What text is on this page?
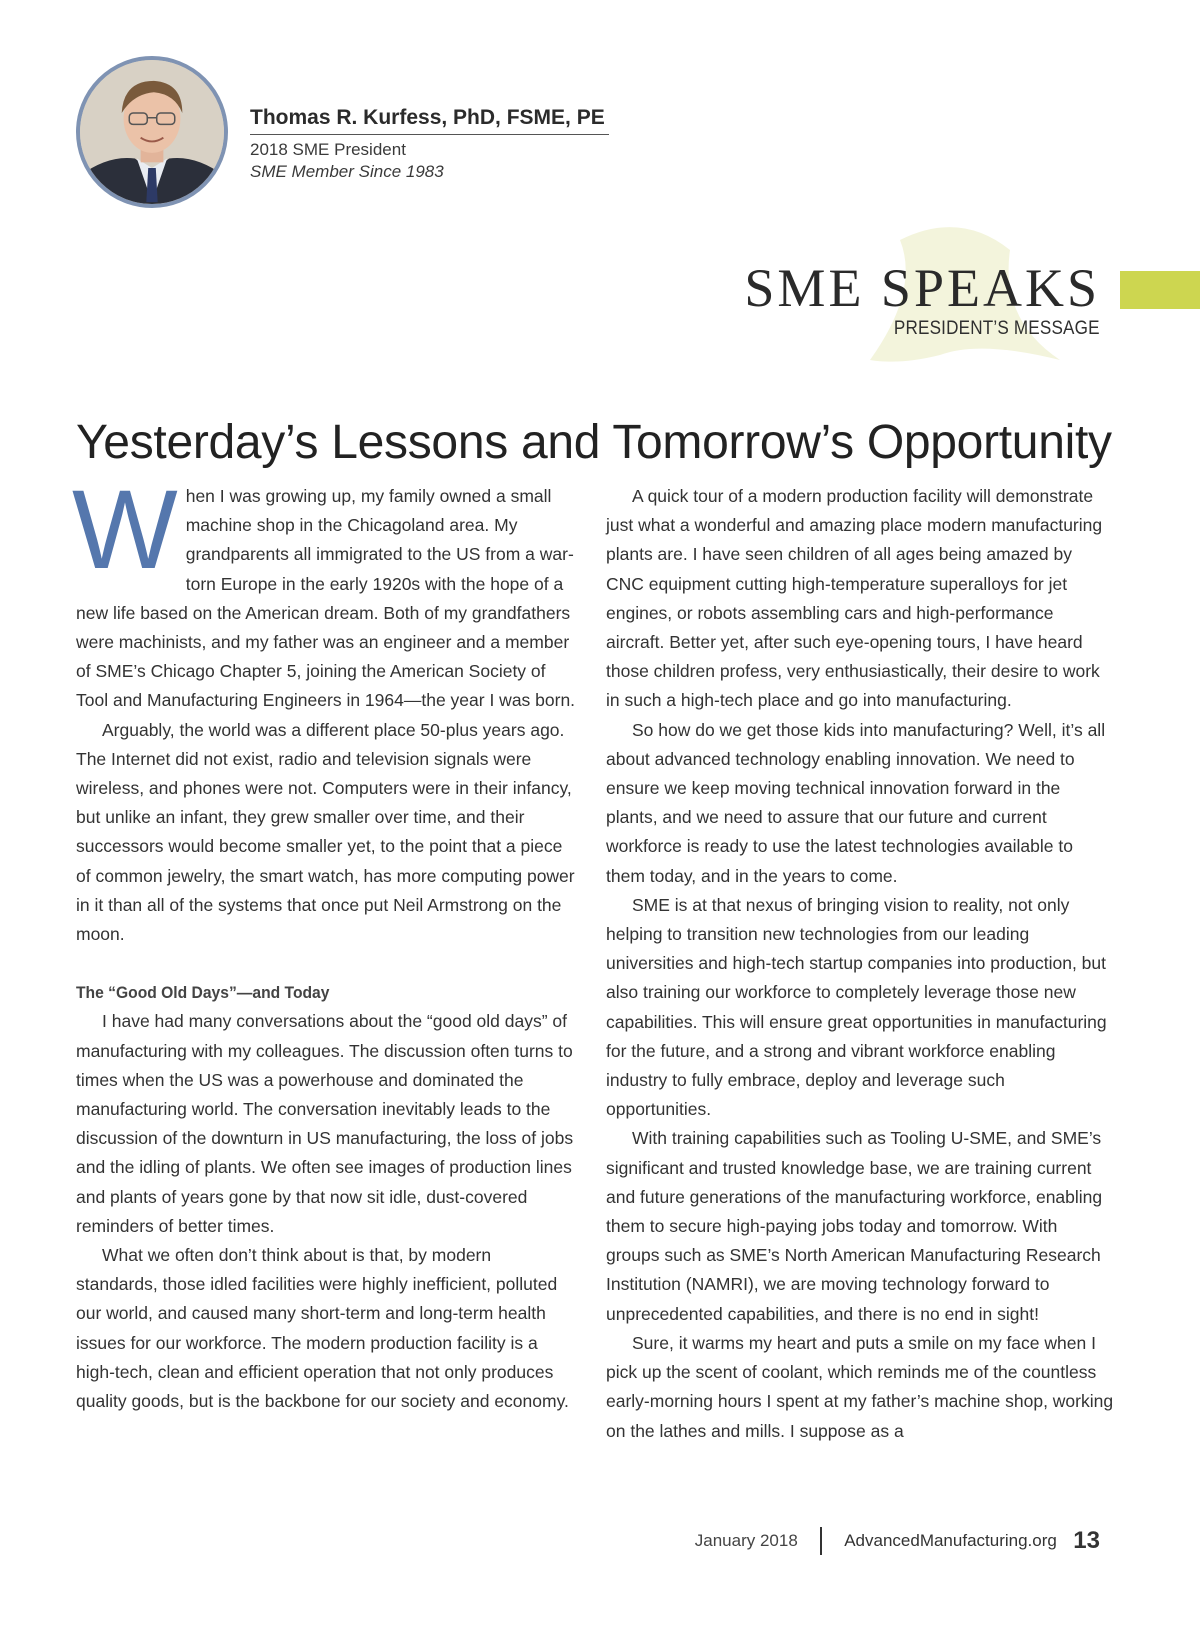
Thomas R. Kurfess, PhD, FSME, PE
2018 SME President
SME Member Since 1983
SME SPEAKS
PRESIDENT’S MESSAGE
Yesterday’s Lessons and Tomorrow’s Opportunity

When I was growing up, my family owned a small machine shop in the Chicagoland area. My grandparents all immigrated to the US from a war-torn Europe in the early 1920s with the hope of a new life based on the American dream. Both of my grandfathers were machinists, and my father was an engineer and a member of SME’s Chicago Chapter 5, joining the American Society of Tool and Manufacturing Engineers in 1964—the year I was born.

Arguably, the world was a different place 50-plus years ago. The Internet did not exist, radio and television signals were wireless, and phones were not. Computers were in their infancy, but unlike an infant, they grew smaller over time, and their successors would become smaller yet, to the point that a piece of common jewelry, the smart watch, has more computing power in it than all of the systems that once put Neil Armstrong on the moon.

The “Good Old Days”—and Today

I have had many conversations about the “good old days” of manufacturing with my colleagues. The discussion often turns to times when the US was a powerhouse and dominated the manufacturing world. The conversation inevitably leads to the discussion of the downturn in US manufacturing, the loss of jobs and the idling of plants. We often see images of production lines and plants of years gone by that now sit idle, dust-covered reminders of better times.

What we often don’t think about is that, by modern standards, those idled facilities were highly inefficient, polluted our world, and caused many short-term and long-term health issues for our workforce. The modern production facility is a high-tech, clean and efficient operation that not only produces quality goods, but is the backbone for our society and economy.

A quick tour of a modern production facility will demonstrate just what a wonderful and amazing place modern manufacturing plants are. I have seen children of all ages being amazed by CNC equipment cutting high-temperature superalloys for jet engines, or robots assembling cars and high-performance aircraft. Better yet, after such eye-opening tours, I have heard those children profess, very enthusiastically, their desire to work in such a high-tech place and go into manufacturing.

So how do we get those kids into manufacturing? Well, it’s all about advanced technology enabling innovation. We need to ensure we keep moving technical innovation forward in the plants, and we need to assure that our future and current workforce is ready to use the latest technologies available to them today, and in the years to come.

SME is at that nexus of bringing vision to reality, not only helping to transition new technologies from our leading universities and high-tech startup companies into production, but also training our workforce to completely leverage those new capabilities. This will ensure great opportunities in manufacturing for the future, and a strong and vibrant workforce enabling industry to fully embrace, deploy and leverage such opportunities.

With training capabilities such as Tooling U-SME, and SME’s significant and trusted knowledge base, we are training current and future generations of the manufacturing workforce, enabling them to secure high-paying jobs today and tomorrow. With groups such as SME’s North American Manufacturing Research Institution (NAMRI), we are moving technology forward to unprecedented capabilities, and there is no end in sight!

Sure, it warms my heart and puts a smile on my face when I pick up the scent of coolant, which reminds me of the countless early-morning hours I spent at my father’s machine shop, working on the lathes and mills. I suppose as a

January 2018	AdvancedManufacturing.org 13
